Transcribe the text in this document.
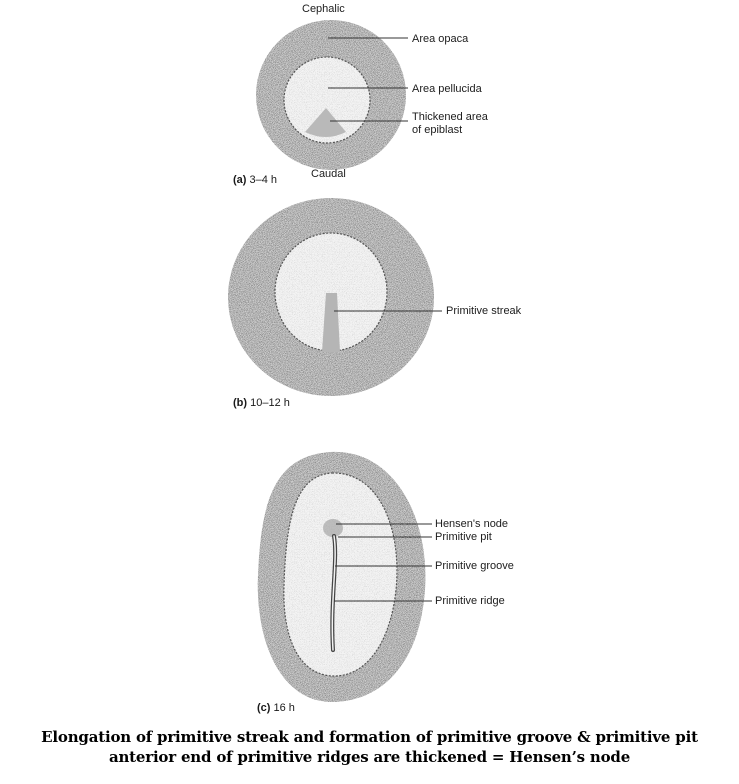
Cephalic
Area opaca
Area pellucida
Thickened area
of epiblast
Caudal
(a) 3–4 h
Primitive streak
(b) 10–12 h
Hensen's node
Primitive pit
Primitive groove
Primitive ridge
(c) 16 h
Elongation of primitive streak and formation of primitive groove & primitive pit
anterior end of primitive ridges are thickened = Hensen’s node
